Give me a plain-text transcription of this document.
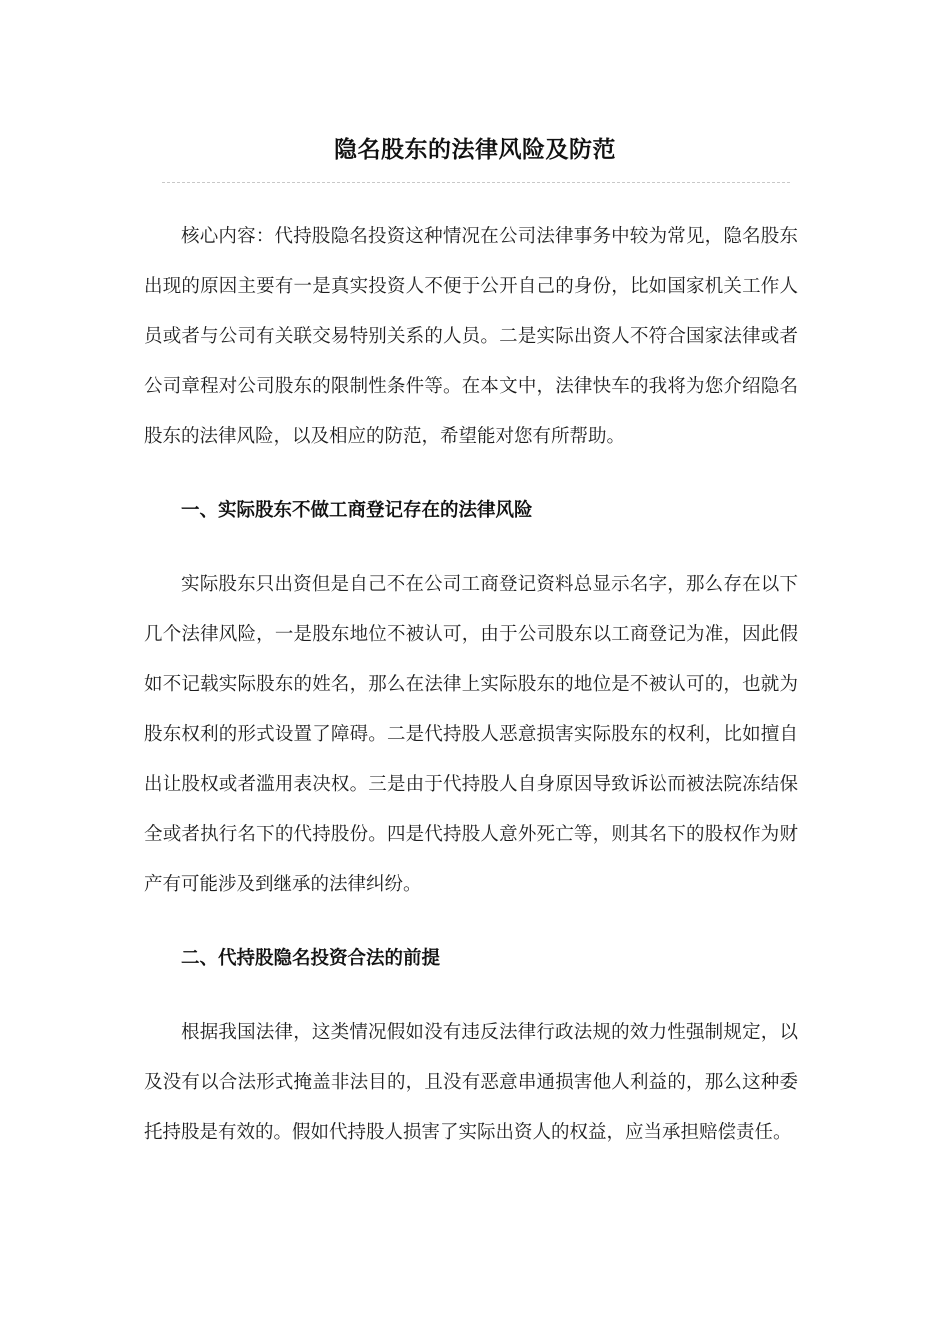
隐名股东的法律风险及防范

核心内容：代持股隐名投资这种情况在公司法律事务中较为常见，隐名股东出现的原因主要有一是真实投资人不便于公开自己的身份，比如国家机关工作人员或者与公司有关联交易特别关系的人员。二是实际出资人不符合国家法律或者公司章程对公司股东的限制性条件等。在本文中，法律快车的我将为您介绍隐名股东的法律风险，以及相应的防范，希望能对您有所帮助。

一、实际股东不做工商登记存在的法律风险

实际股东只出资但是自己不在公司工商登记资料总显示名字，那么存在以下几个法律风险，一是股东地位不被认可，由于公司股东以工商登记为准，因此假如不记载实际股东的姓名，那么在法律上实际股东的地位是不被认可的，也就为股东权利的形式设置了障碍。二是代持股人恶意损害实际股东的权利，比如擅自出让股权或者滥用表决权。三是由于代持股人自身原因导致诉讼而被法院冻结保全或者执行名下的代持股份。四是代持股人意外死亡等，则其名下的股权作为财产有可能涉及到继承的法律纠纷。

二、代持股隐名投资合法的前提

根据我国法律，这类情况假如没有违反法律行政法规的效力性强制规定，以及没有以合法形式掩盖非法目的，且没有恶意串通损害他人利益的，那么这种委托持股是有效的。假如代持股人损害了实际出资人的权益，应当承担赔偿责任。
